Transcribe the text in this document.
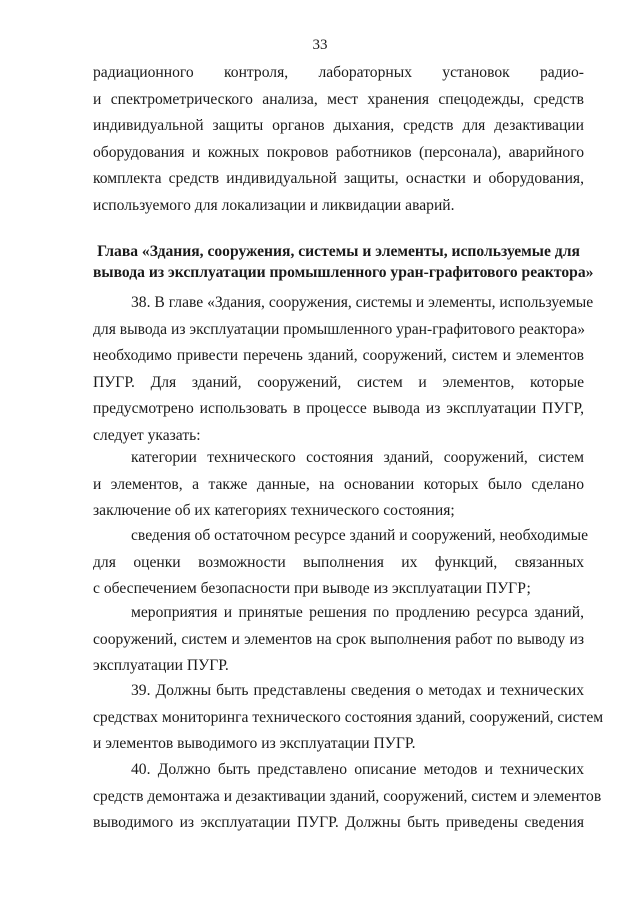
33
радиационного контроля, лабораторных установок радио-
и спектрометрического анализа, мест хранения спецодежды, средств
индивидуальной защиты органов дыхания, средств для дезактивации
оборудования и кожных покровов работников (персонала), аварийного
комплекта средств индивидуальной защиты, оснастки и оборудования,
используемого для локализации и ликвидации аварий.
Глава «Здания, сооружения, системы и элементы, используемые для
вывода из эксплуатации промышленного уран-графитового реактора»
38. В главе «Здания, сооружения, системы и элементы, используемые
для вывода из эксплуатации промышленного уран-графитового реактора»
необходимо привести перечень зданий, сооружений, систем и элементов
ПУГР. Для зданий, сооружений, систем и элементов, которые
предусмотрено использовать в процессе вывода из эксплуатации ПУГР,
следует указать:
категории технического состояния зданий, сооружений, систем
и элементов, а также данные, на основании которых было сделано
заключение об их категориях технического состояния;
сведения об остаточном ресурсе зданий и сооружений, необходимые
для оценки возможности выполнения их функций, связанных
с обеспечением безопасности при выводе из эксплуатации ПУГР;
мероприятия и принятые решения по продлению ресурса зданий,
сооружений, систем и элементов на срок выполнения работ по выводу из
эксплуатации ПУГР.
39. Должны быть представлены сведения о методах и технических
средствах мониторинга технического состояния зданий, сооружений, систем
и элементов выводимого из эксплуатации ПУГР.
40. Должно быть представлено описание методов и технических
средств демонтажа и дезактивации зданий, сооружений, систем и элементов
выводимого из эксплуатации ПУГР. Должны быть приведены сведения
